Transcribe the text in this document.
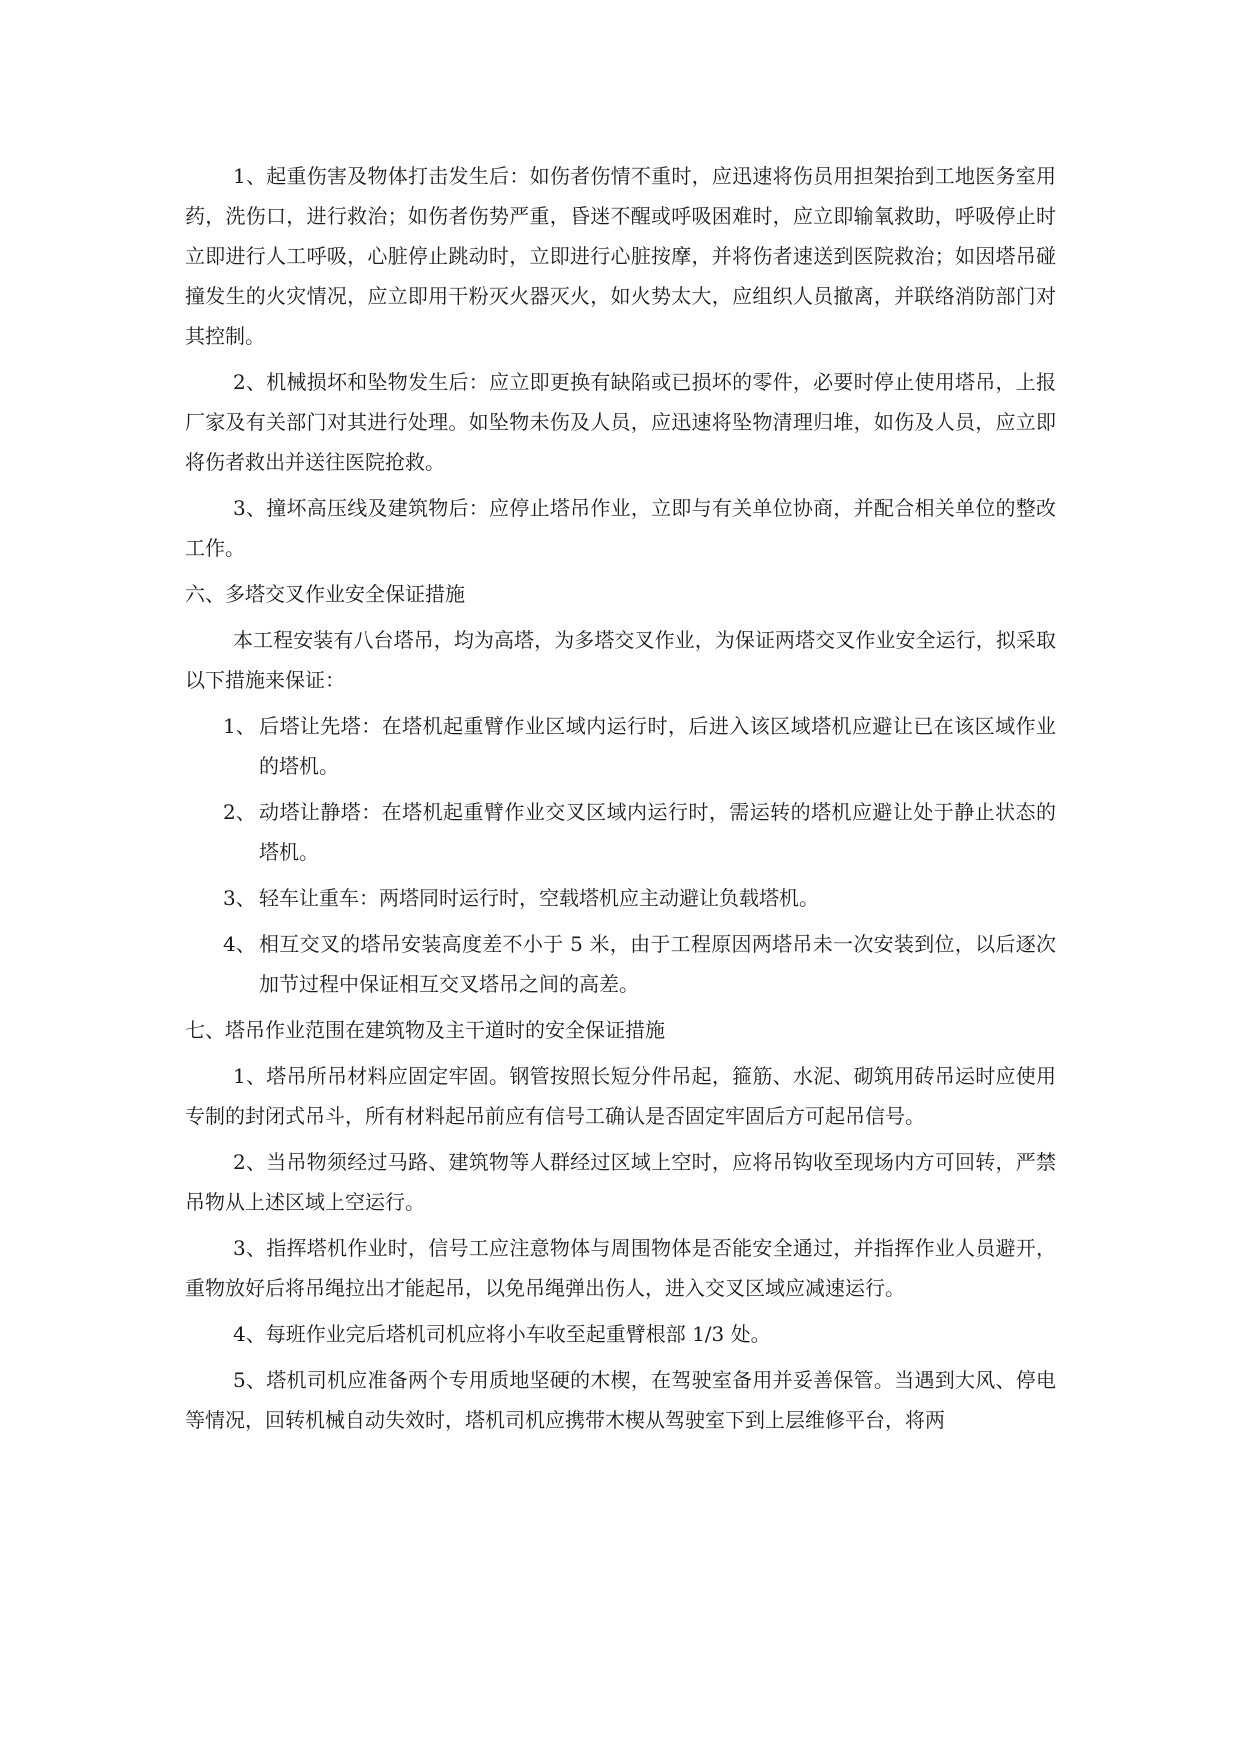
1、起重伤害及物体打击发生后：如伤者伤情不重时，应迅速将伤员用担架抬到工地医务室用药，洗伤口，进行救治；如伤者伤势严重，昏迷不醒或呼吸困难时，应立即输氧救助，呼吸停止时立即进行人工呼吸，心脏停止跳动时，立即进行心脏按摩，并将伤者速送到医院救治；如因塔吊碰撞发生的火灾情况，应立即用干粉灭火器灭火，如火势太大，应组织人员撤离，并联络消防部门对其控制。

2、机械损坏和坠物发生后：应立即更换有缺陷或已损坏的零件，必要时停止使用塔吊，上报厂家及有关部门对其进行处理。如坠物未伤及人员，应迅速将坠物清理归堆，如伤及人员，应立即将伤者救出并送往医院抢救。

3、撞坏高压线及建筑物后：应停止塔吊作业，立即与有关单位协商，并配合相关单位的整改工作。

六、多塔交叉作业安全保证措施

本工程安装有八台塔吊，均为高塔，为多塔交叉作业，为保证两塔交叉作业安全运行，拟采取以下措施来保证：

1、 后塔让先塔：在塔机起重臂作业区域内运行时，后进入该区域塔机应避让已在该区域作业的塔机。
2、 动塔让静塔：在塔机起重臂作业交叉区域内运行时，需运转的塔机应避让处于静止状态的塔机。
3、 轻车让重车：两塔同时运行时，空载塔机应主动避让负载塔机。
4、 相互交叉的塔吊安装高度差不小于 5 米，由于工程原因两塔吊未一次安装到位，以后逐次加节过程中保证相互交叉塔吊之间的高差。

七、塔吊作业范围在建筑物及主干道时的安全保证措施

1、塔吊所吊材料应固定牢固。钢管按照长短分件吊起，箍筋、水泥、砌筑用砖吊运时应使用专制的封闭式吊斗，所有材料起吊前应有信号工确认是否固定牢固后方可起吊信号。

2、当吊物须经过马路、建筑物等人群经过区域上空时，应将吊钩收至现场内方可回转，严禁吊物从上述区域上空运行。

3、指挥塔机作业时，信号工应注意物体与周围物体是否能安全通过，并指挥作业人员避开，重物放好后将吊绳拉出才能起吊，以免吊绳弹出伤人，进入交叉区域应减速运行。

4、每班作业完后塔机司机应将小车收至起重臂根部 1/3 处。

5、塔机司机应准备两个专用质地坚硬的木楔，在驾驶室备用并妥善保管。当遇到大风、停电等情况，回转机械自动失效时，塔机司机应携带木楔从驾驶室下到上层维修平台，将两
